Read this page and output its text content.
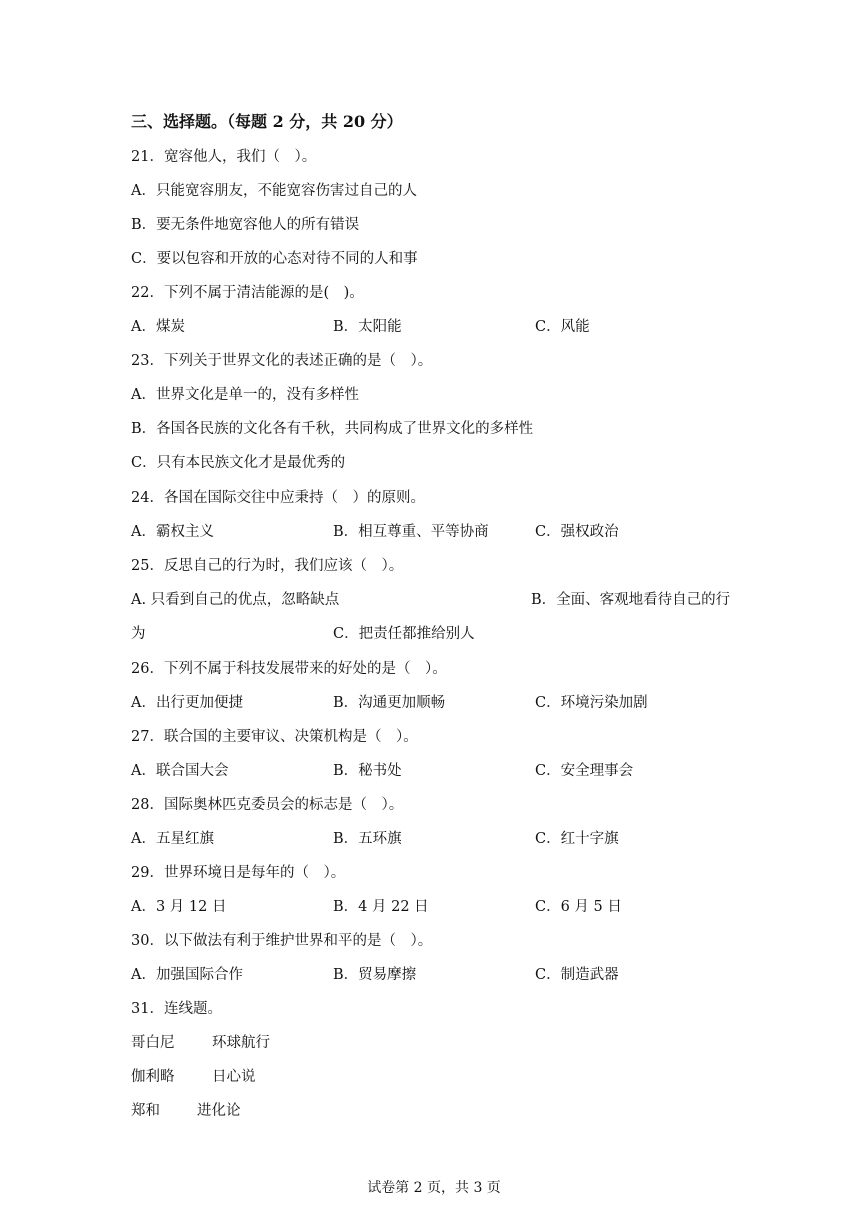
三、选择题。（每题 2 分，共 20 分）
21．宽容他人，我们（　）。
A．只能宽容朋友，不能宽容伤害过自己的人
B．要无条件地宽容他人的所有错误
C．要以包容和开放的心态对待不同的人和事
22．下列不属于清洁能源的是(　)。
A．煤炭	B．太阳能	C．风能
23．下列关于世界文化的表述正确的是（　）。
A．世界文化是单一的，没有多样性
B．各国各民族的文化各有千秋，共同构成了世界文化的多样性
C．只有本民族文化才是最优秀的
24．各国在国际交往中应秉持（　）的原则。
A．霸权主义	B．相互尊重、平等协商	C．强权政治
25．反思自己的行为时，我们应该（　）。
A. 只看到自己的优点，忽略缺点	B．全面、客观地看待自己的行
为	C．把责任都推给别人
26．下列不属于科技发展带来的好处的是（　）。
A．出行更加便捷	B．沟通更加顺畅	C．环境污染加剧
27．联合国的主要审议、决策机构是（　）。
A．联合国大会	B．秘书处	C．安全理事会
28．国际奥林匹克委员会的标志是（　）。
A．五星红旗	B．五环旗	C．红十字旗
29．世界环境日是每年的（　）。
A．3 月 12 日	B．4 月 22 日	C．6 月 5 日
30．以下做法有利于维护世界和平的是（　）。
A．加强国际合作	B．贸易摩擦	C．制造武器
31．连线题。
哥白尼	环球航行
伽利略	日心说
郑和	进化论
试卷第 2 页，共 3 页
